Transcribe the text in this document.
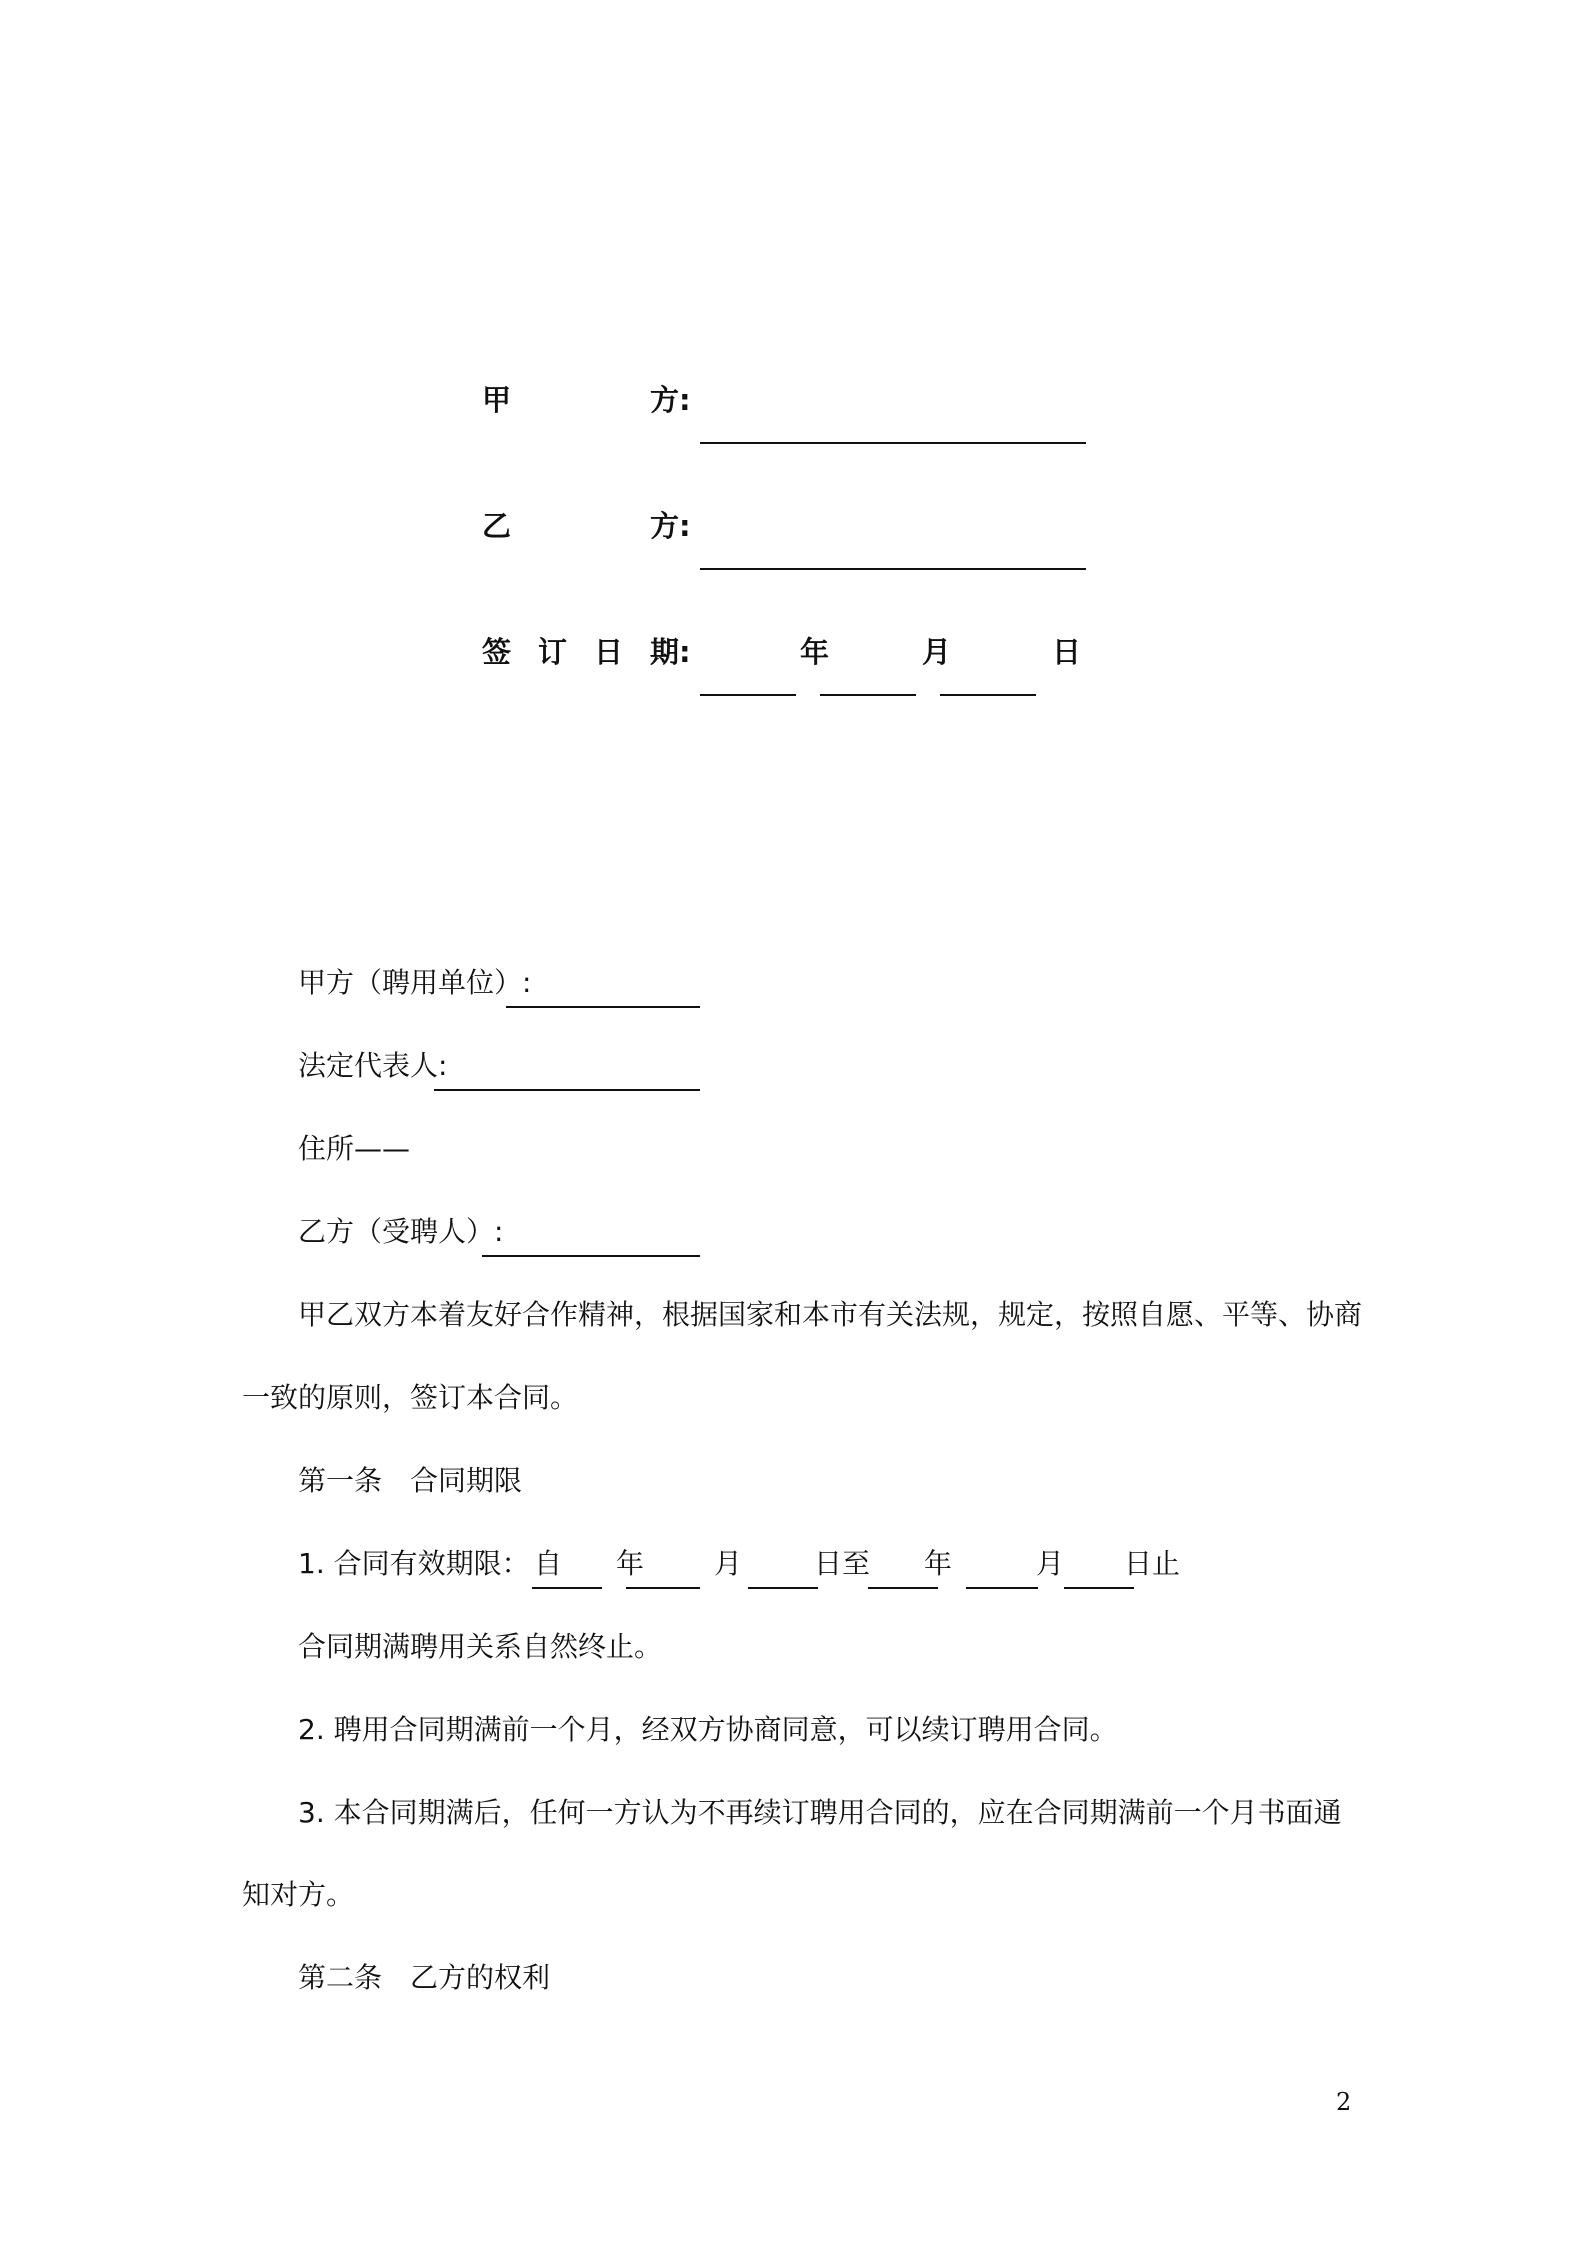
甲	方:
乙	方:
签 订 日 期:	年	月	日
甲方（聘用单位）:
法定代表人:
住所——
乙方（受聘人）:
甲乙双方本着友好合作精神，根据国家和本市有关法规，规定，按照自愿、平等、协商
一致的原则，签订本合同。
第一条　合同期限
1. 合同有效期限： 自 年 月	日至 年	月 日止
合同期满聘用关系自然终止。
2. 聘用合同期满前一个月，经双方协商同意，可以续订聘用合同。
3. 本合同期满后，任何一方认为不再续订聘用合同的，应在合同期满前一个月书面通
知对方。
第二条　乙方的权利
2
